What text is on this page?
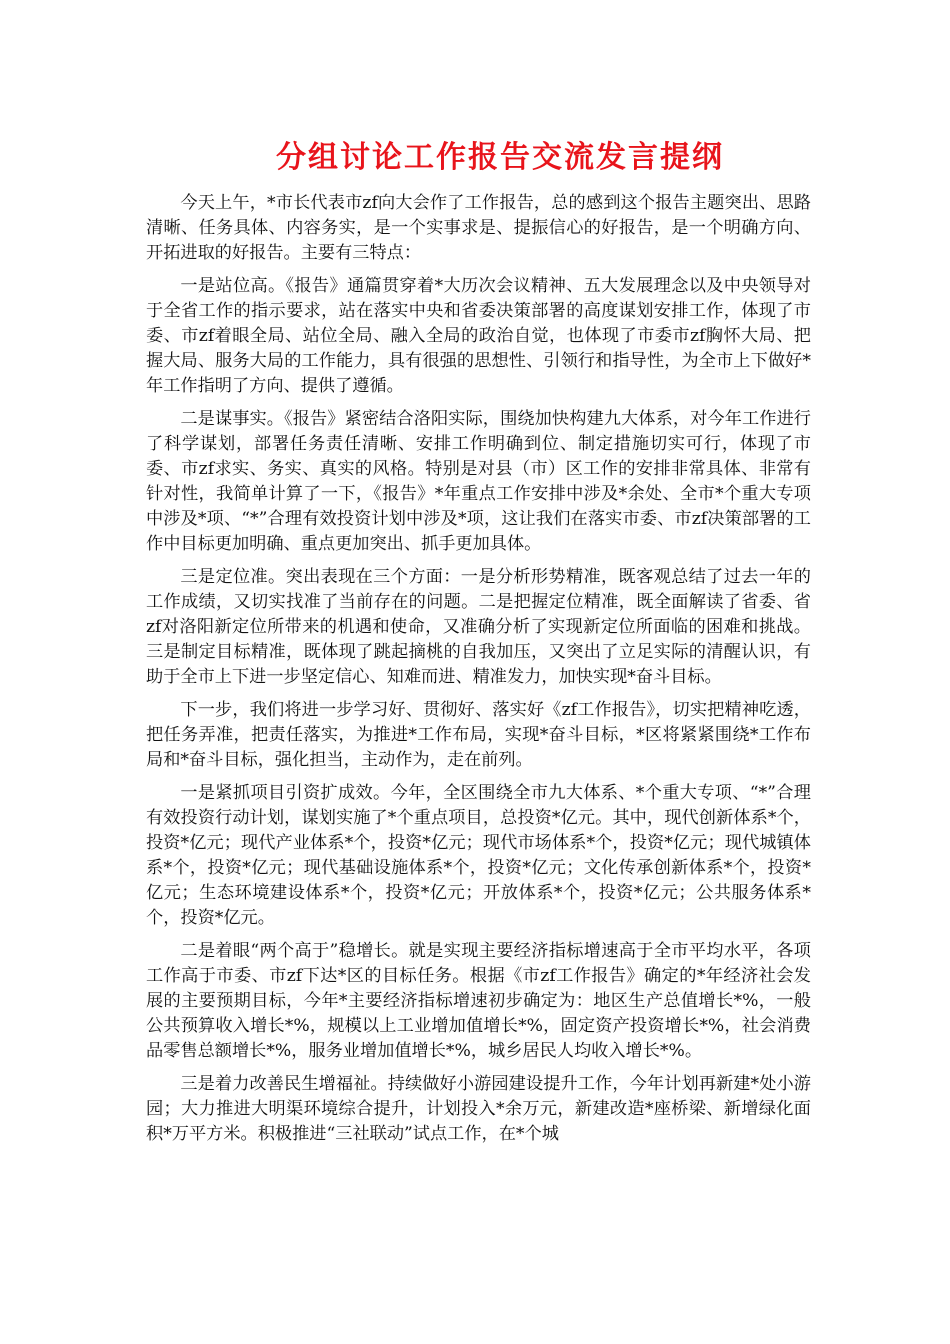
分组讨论工作报告交流发言提纲

今天上午，*市长代表市zf向大会作了工作报告，总的感到这个报告主题突出、思路清晰、任务具体、内容务实，是一个实事求是、提振信心的好报告，是一个明确方向、开拓进取的好报告。主要有三特点：

一是站位高。《报告》通篇贯穿着*大历次会议精神、五大发展理念以及中央领导对于全省工作的指示要求，站在落实中央和省委决策部署的高度谋划安排工作，体现了市委、市zf着眼全局、站位全局、融入全局的政治自觉，也体现了市委市zf胸怀大局、把握大局、服务大局的工作能力，具有很强的思想性、引领行和指导性，为全市上下做好*年工作指明了方向、提供了遵循。

二是谋事实。《报告》紧密结合洛阳实际，围绕加快构建九大体系，对今年工作进行了科学谋划，部署任务责任清晰、安排工作明确到位、制定措施切实可行，体现了市委、市zf求实、务实、真实的风格。特别是对县（市）区工作的安排非常具体、非常有针对性，我简单计算了一下，《报告》*年重点工作安排中涉及*余处、全市*个重大专项中涉及*项、“*”合理有效投资计划中涉及*项，这让我们在落实市委、市zf决策部署的工作中目标更加明确、重点更加突出、抓手更加具体。

三是定位准。突出表现在三个方面：一是分析形势精准，既客观总结了过去一年的工作成绩，又切实找准了当前存在的问题。二是把握定位精准，既全面解读了省委、省zf对洛阳新定位所带来的机遇和使命，又准确分析了实现新定位所面临的困难和挑战。三是制定目标精准，既体现了跳起摘桃的自我加压，又突出了立足实际的清醒认识，有助于全市上下进一步坚定信心、知难而进、精准发力，加快实现*奋斗目标。

下一步，我们将进一步学习好、贯彻好、落实好《zf工作报告》，切实把精神吃透，把任务弄准，把责任落实，为推进*工作布局，实现*奋斗目标，*区将紧紧围绕*工作布局和*奋斗目标，强化担当，主动作为，走在前列。

一是紧抓项目引资扩成效。今年，全区围绕全市九大体系、*个重大专项、“*”合理有效投资行动计划，谋划实施了*个重点项目，总投资*亿元。其中，现代创新体系*个，投资*亿元；现代产业体系*个，投资*亿元；现代市场体系*个，投资*亿元；现代城镇体系*个，投资*亿元；现代基础设施体系*个，投资*亿元；文化传承创新体系*个，投资*亿元；生态环境建设体系*个，投资*亿元；开放体系*个，投资*亿元；公共服务体系*个，投资*亿元。

二是着眼“两个高于”稳增长。就是实现主要经济指标增速高于全市平均水平，各项工作高于市委、市zf下达*区的目标任务。根据《市zf工作报告》确定的*年经济社会发展的主要预期目标，今年*主要经济指标增速初步确定为：地区生产总值增长*%，一般公共预算收入增长*%，规模以上工业增加值增长*%，固定资产投资增长*%，社会消费品零售总额增长*%，服务业增加值增长*%，城乡居民人均收入增长*%。

三是着力改善民生增福祉。持续做好小游园建设提升工作，今年计划再新建*处小游园；大力推进大明渠环境综合提升，计划投入*余万元，新建改造*座桥梁、新增绿化面积*万平方米。积极推进“三社联动”试点工作，在*个城
